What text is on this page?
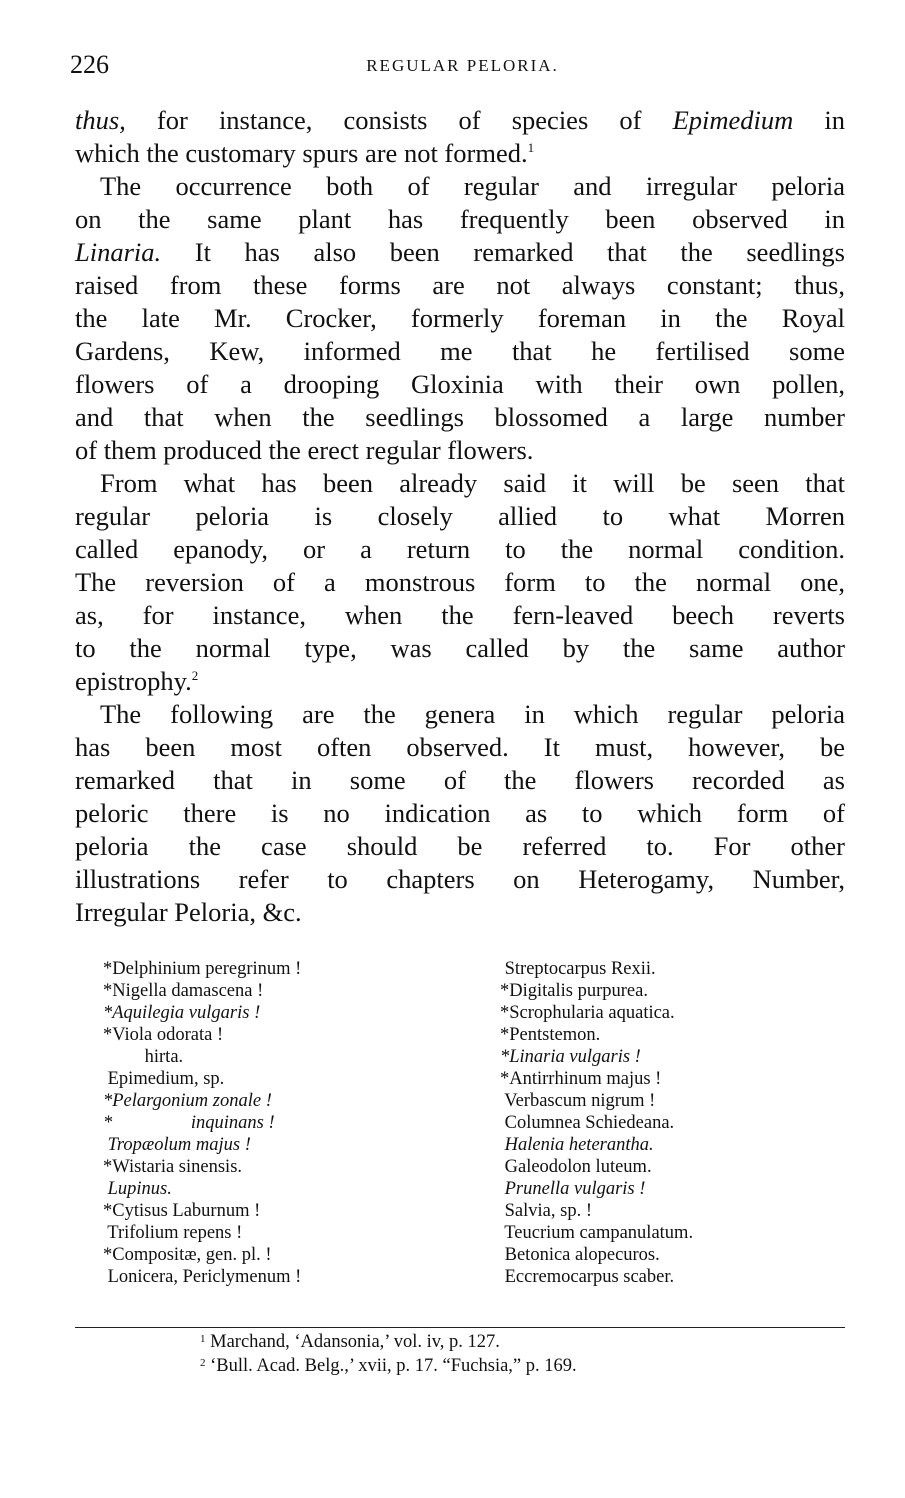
226	REGULAR PELORIA.
thus, for instance, consists of species of Epimedium in
which the customary spurs are not formed.$^1$
The occurrence both of regular and irregular peloria
on the same plant has frequently been observed in
Linaria. It has also been remarked that the seedlings
raised from these forms are not always constant; thus,
the late Mr. Crocker, formerly foreman in the Royal
Gardens, Kew, informed me that he fertilised some
flowers of a drooping Gloxinia with their own pollen,
and that when the seedlings blossomed a large number
of them produced the erect regular flowers.
From what has been already said it will be seen that
regular peloria is closely allied to what Morren
called epanody, or a return to the normal condition.
The reversion of a monstrous form to the normal one,
as, for instance, when the fern-leaved beech reverts
to the normal type, was called by the same author
epistrophy.$^2$
The following are the genera in which regular peloria
has been most often observed. It must, however, be
remarked that in some of the flowers recorded as
peloric there is no indication as to which form of
peloria the case should be referred to. For other
illustrations refer to chapters on Heterogamy, Number,
Irregular Peloria, &c.
*Delphinium peregrinum !
*Nigella damascena !
*Aquilegia vulgaris !
*Viola odorata !
hirta.
Epimedium, sp.
*Pelargonium zonale !
*                 inquinans !
Tropæolum majus !
*Wistaria sinensis.
Lupinus.
*Cytisus Laburnum !
Trifolium repens !
*Compositæ, gen. pl. !
Lonicera, Periclymenum !
Streptocarpus Rexii.
*Digitalis purpurea.
*Scrophularia aquatica.
*Pentstemon.
*Linaria vulgaris !
*Antirrhinum majus !
Verbascum nigrum !
Columnea Schiedeana.
Halenia heterantha.
Galeodolon luteum.
Prunella vulgaris !
Salvia, sp. !
Teucrium campanulatum.
Betonica alopecuros.
Eccremocarpus scaber.
$^1$ Marchand, ‘Adansonia,’ vol. iv, p. 127.
$^2$ ‘Bull. Acad. Belg.,’ xvii, p. 17. “Fuchsia,” p. 169.
